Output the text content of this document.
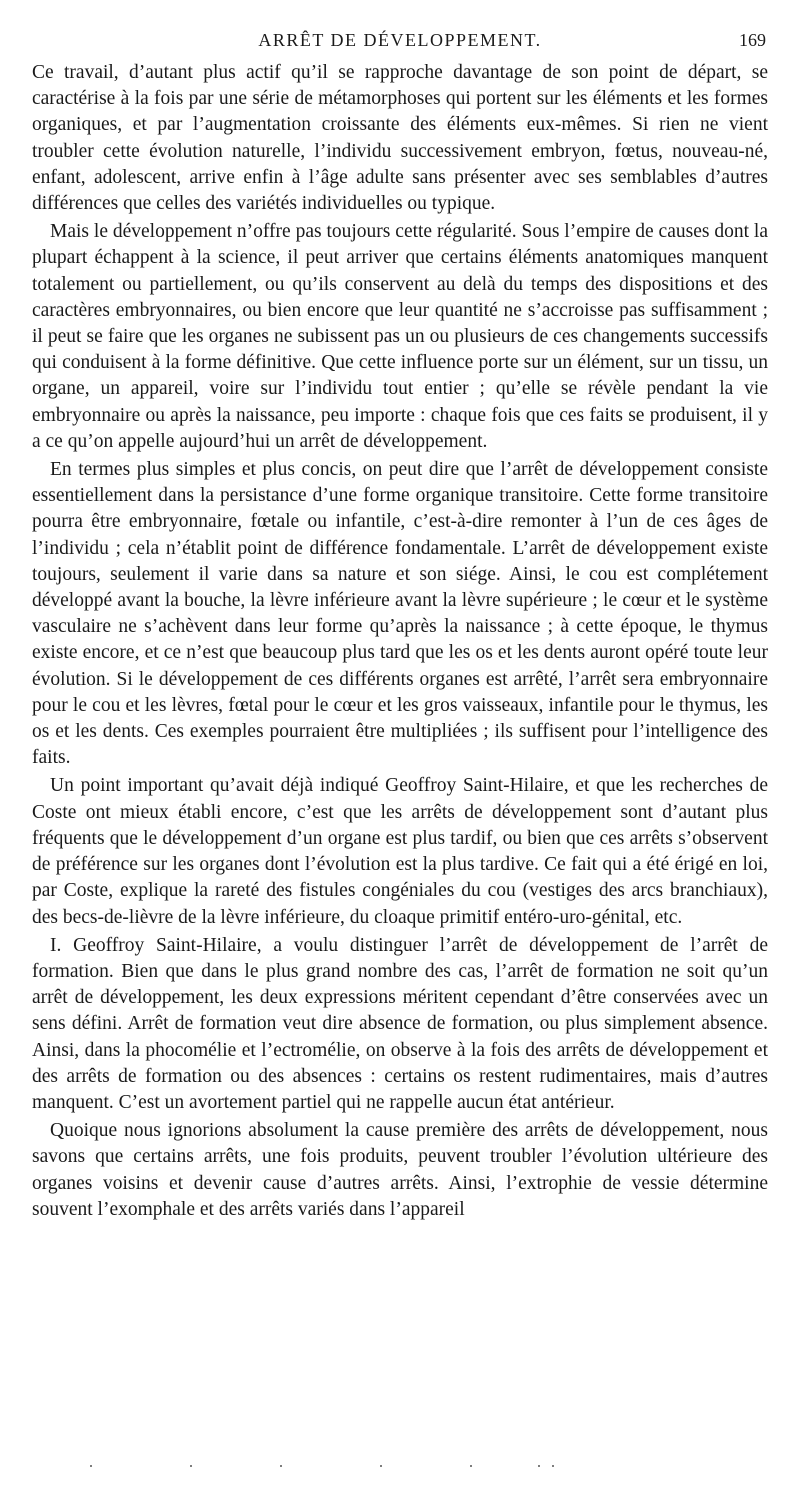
ARRÊT DE DÉVELOPPEMENT.	169

Ce travail, d’autant plus actif qu’il se rapproche davantage de son point de départ, se caractérise à la fois par une série de métamorphoses qui portent sur les éléments et les formes organiques, et par l’augmentation croissante des éléments eux-mêmes. Si rien ne vient troubler cette évolution naturelle, l’individu successivement embryon, fœtus, nouveau-né, enfant, adolescent, arrive enfin à l’âge adulte sans présenter avec ses semblables d’autres différences que celles des variétés individuelles ou typique.

Mais le développement n’offre pas toujours cette régularité. Sous l’empire de causes dont la plupart échappent à la science, il peut arriver que certains éléments anatomiques manquent totalement ou partiellement, ou qu’ils conservent au delà du temps des dispositions et des caractères embryonnaires, ou bien encore que leur quantité ne s’accroisse pas suffisamment ; il peut se faire que les organes ne subissent pas un ou plusieurs de ces changements successifs qui conduisent à la forme définitive. Que cette influence porte sur un élément, sur un tissu, un organe, un appareil, voire sur l’individu tout entier ; qu’elle se révèle pendant la vie embryonnaire ou après la naissance, peu importe : chaque fois que ces faits se produisent, il y a ce qu’on appelle aujourd’hui un arrêt de développement.

En termes plus simples et plus concis, on peut dire que l’arrêt de développement consiste essentiellement dans la persistance d’une forme organique transitoire. Cette forme transitoire pourra être embryonnaire, fœtale ou infantile, c’est-à-dire remonter à l’un de ces âges de l’individu ; cela n’établit point de différence fondamentale. L’arrêt de développement existe toujours, seulement il varie dans sa nature et son siége. Ainsi, le cou est complétement développé avant la bouche, la lèvre inférieure avant la lèvre supérieure ; le cœur et le système vasculaire ne s’achèvent dans leur forme qu’après la naissance ; à cette époque, le thymus existe encore, et ce n’est que beaucoup plus tard que les os et les dents auront opéré toute leur évolution. Si le développement de ces différents organes est arrêté, l’arrêt sera embryonnaire pour le cou et les lèvres, fœtal pour le cœur et les gros vaisseaux, infantile pour le thymus, les os et les dents. Ces exemples pourraient être multipliées ; ils suffisent pour l’intelligence des faits.

Un point important qu’avait déjà indiqué Geoffroy Saint-Hilaire, et que les recherches de Coste ont mieux établi encore, c’est que les arrêts de développement sont d’autant plus fréquents que le développement d’un organe est plus tardif, ou bien que ces arrêts s’observent de préférence sur les organes dont l’évolution est la plus tardive. Ce fait qui a été érigé en loi, par Coste, explique la rareté des fistules congéniales du cou (vestiges des arcs branchiaux), des becs-de-lièvre de la lèvre inférieure, du cloaque primitif entéro-uro-génital, etc.

I. Geoffroy Saint-Hilaire, a voulu distinguer l’arrêt de développement de l’arrêt de formation. Bien que dans le plus grand nombre des cas, l’arrêt de formation ne soit qu’un arrêt de développement, les deux expressions méritent cependant d’être conservées avec un sens défini. Arrêt de formation veut dire absence de formation, ou plus simplement absence. Ainsi, dans la phocomélie et l’ectromélie, on observe à la fois des arrêts de développement et des arrêts de formation ou des absences : certains os restent rudimentaires, mais d’autres manquent. C’est un avortement partiel qui ne rappelle aucun état antérieur.

Quoique nous ignorions absolument la cause première des arrêts de développement, nous savons que certains arrêts, une fois produits, peuvent troubler l’évolution ultérieure des organes voisins et devenir cause d’autres arrêts. Ainsi, l’extrophie de vessie détermine souvent l’exomphale et des arrêts variés dans l’appareil
